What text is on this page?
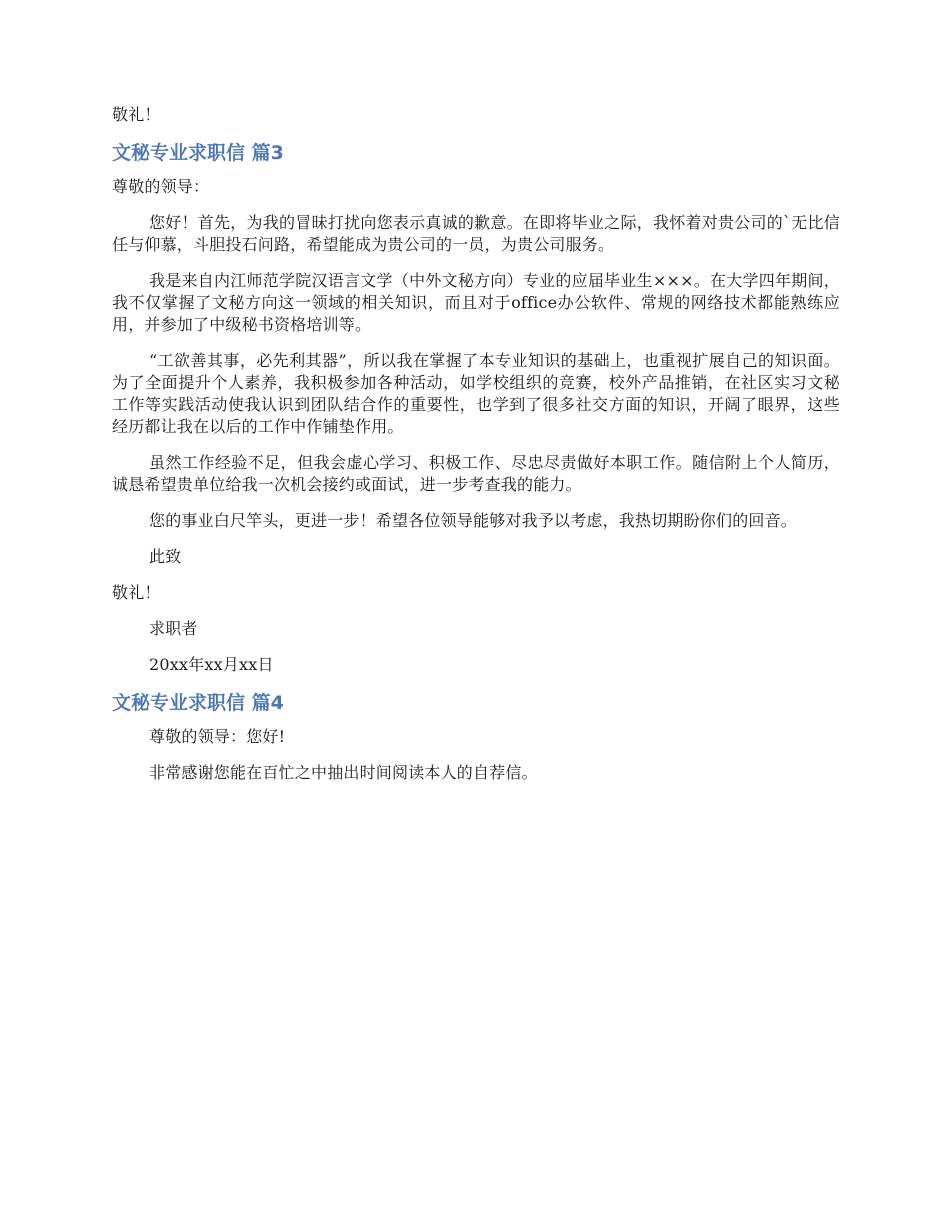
敬礼！

文秘专业求职信 篇3

尊敬的领导：

您好！首先，为我的冒昧打扰向您表示真诚的歉意。在即将毕业之际，我怀着对贵公司的`无比信任与仰慕，斗胆投石问路，希望能成为贵公司的一员，为贵公司服务。

我是来自内江师范学院汉语言文学（中外文秘方向）专业的应届毕业生×××。在大学四年期间，我不仅掌握了文秘方向这一领域的相关知识，而且对于office办公软件、常规的网络技术都能熟练应用，并参加了中级秘书资格培训等。

“工欲善其事，必先利其器”，所以我在掌握了本专业知识的基础上，也重视扩展自己的知识面。为了全面提升个人素养，我积极参加各种活动，如学校组织的竞赛，校外产品推销，在社区实习文秘工作等实践活动使我认识到团队结合作的重要性，也学到了很多社交方面的知识，开阔了眼界，这些经历都让我在以后的工作中作铺垫作用。

虽然工作经验不足，但我会虚心学习、积极工作、尽忠尽责做好本职工作。随信附上个人简历，诚恳希望贵单位给我一次机会接约或面试，进一步考查我的能力。

您的事业白尺竿头，更进一步！希望各位领导能够对我予以考虑，我热切期盼你们的回音。

此致

敬礼！

求职者

20xx年xx月xx日

文秘专业求职信 篇4

尊敬的领导：您好!

非常感谢您能在百忙之中抽出时间阅读本人的自荐信。
